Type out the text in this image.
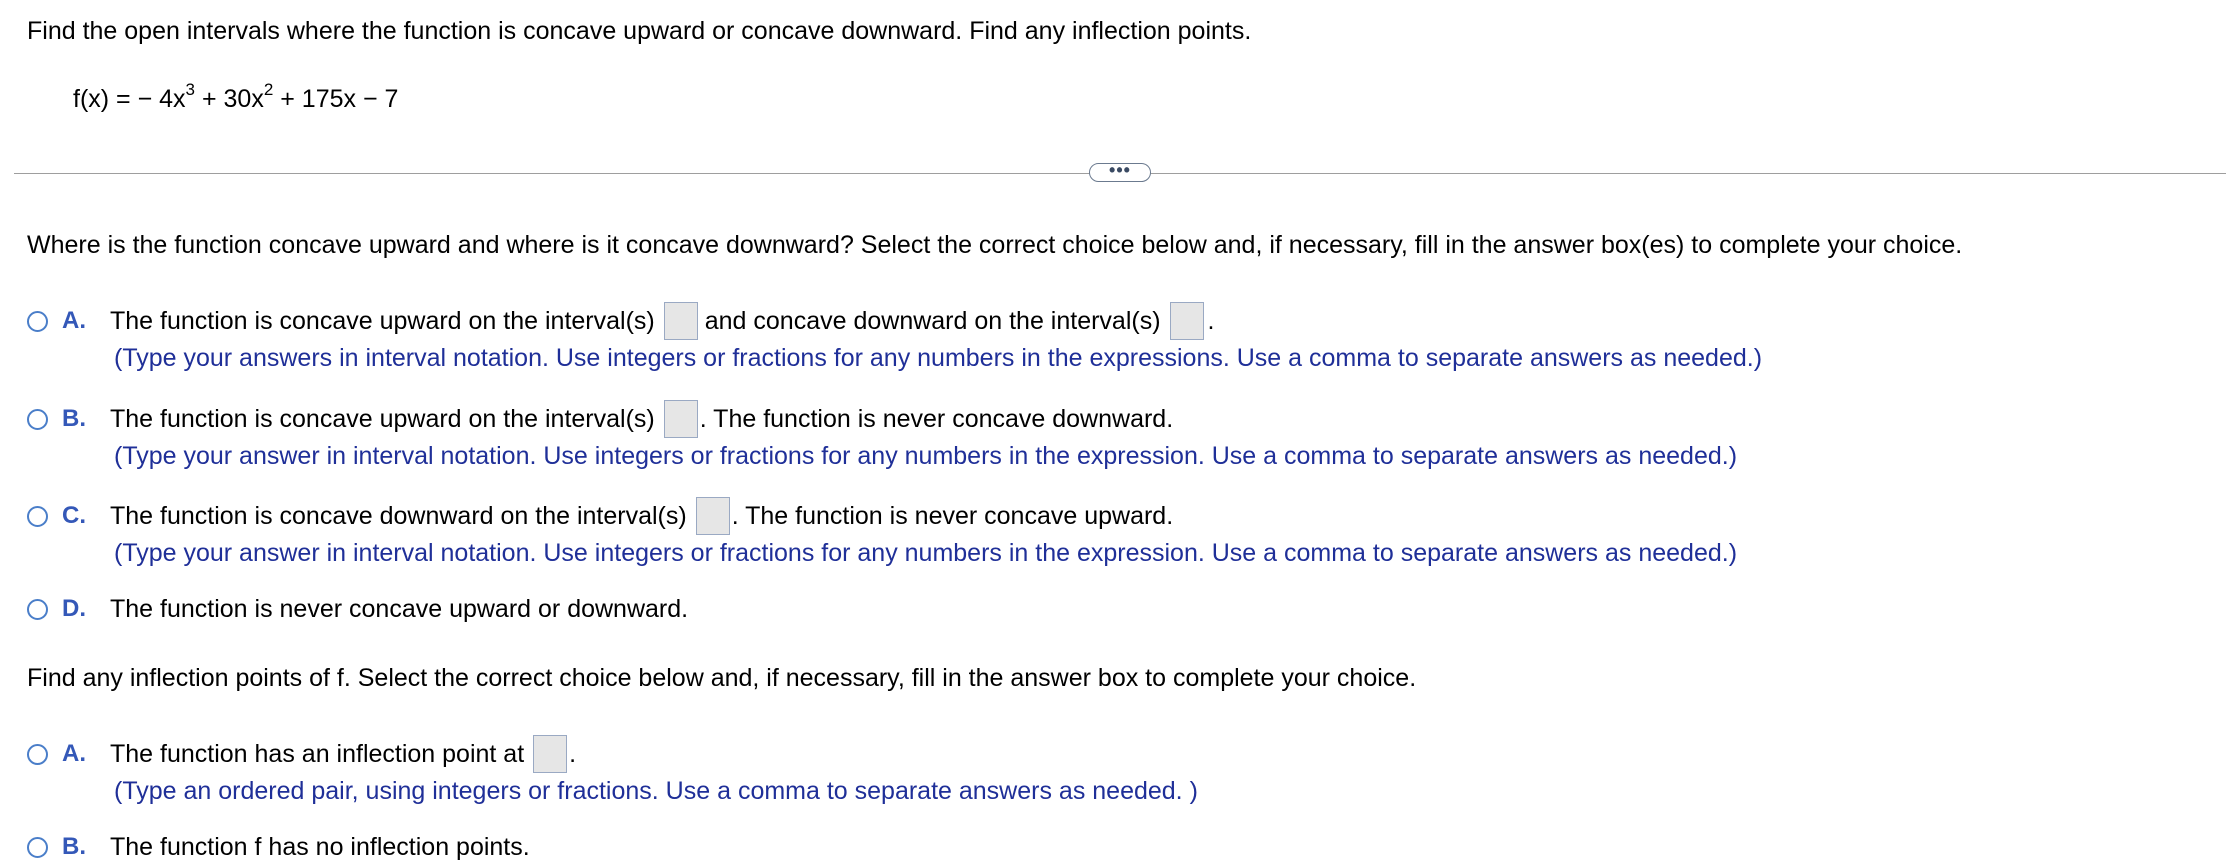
Find the open intervals where the function is concave upward or concave downward. Find any inflection points.
f(x) = − $4x^3 + 30x^2 + 175x - 7$
•••
Where is the function concave upward and where is it concave downward? Select the correct choice below and, if necessary, fill in the answer box(es) to complete your choice.
A. The function is concave upward on the interval(s) and concave downward on the interval(s) .
(Type your answers in interval notation. Use integers or fractions for any numbers in the expressions. Use a comma to separate answers as needed.)
B. The function is concave upward on the interval(s) . The function is never concave downward.
(Type your answer in interval notation. Use integers or fractions for any numbers in the expression. Use a comma to separate answers as needed.)
C. The function is concave downward on the interval(s) . The function is never concave upward.
(Type your answer in interval notation. Use integers or fractions for any numbers in the expression. Use a comma to separate answers as needed.)
D. The function is never concave upward or downward.
Find any inflection points of f. Select the correct choice below and, if necessary, fill in the answer box to complete your choice.
A. The function has an inflection point at .
(Type an ordered pair, using integers or fractions. Use a comma to separate answers as needed. )
B. The function f has no inflection points.
